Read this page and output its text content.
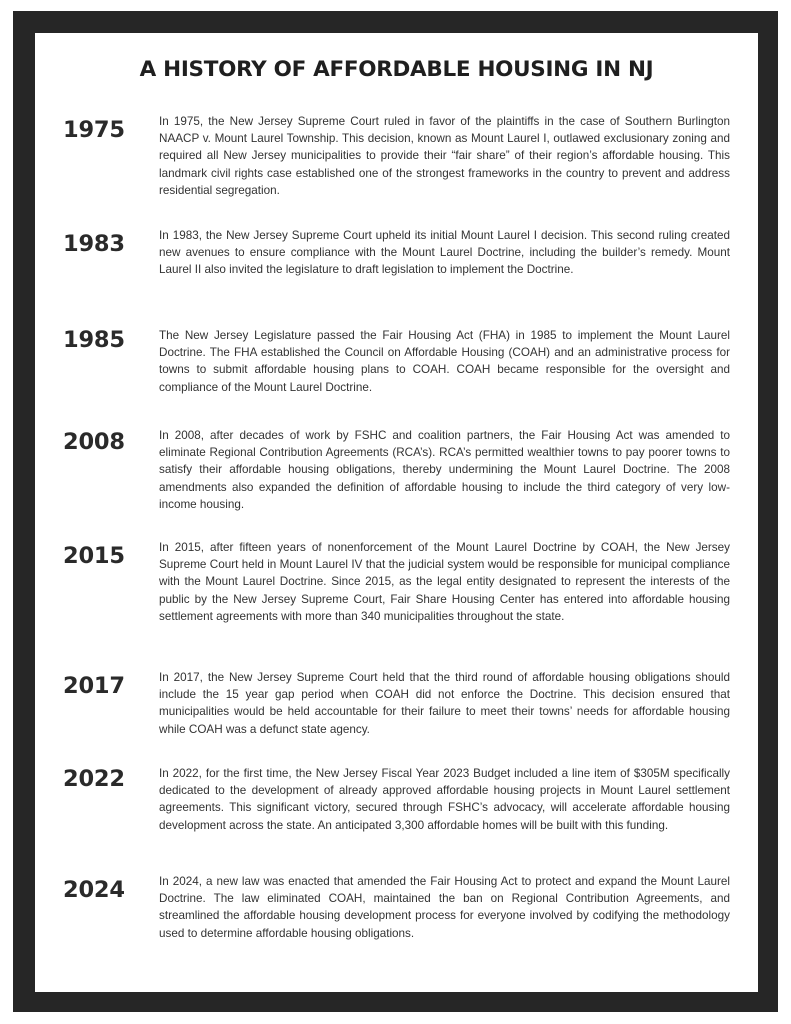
A HISTORY OF AFFORDABLE HOUSING IN NJ
1975	In 1975, the New Jersey Supreme Court ruled in favor of the plaintiffs in the case of Southern Burlington NAACP v. Mount Laurel Township. This decision, known as Mount Laurel I, outlawed exclusionary zoning and required all New Jersey municipalities to provide their “fair share” of their region’s affordable housing. This landmark civil rights case established one of the strongest frameworks in the country to prevent and address residential segregation.

1983	In 1983, the New Jersey Supreme Court upheld its initial Mount Laurel I decision. This second ruling created new avenues to ensure compliance with the Mount Laurel Doctrine, including the builder’s remedy. Mount Laurel II also invited the legislature to draft legislation to implement the Doctrine.

1985	The New Jersey Legislature passed the Fair Housing Act (FHA) in 1985 to implement the Mount Laurel Doctrine. The FHA established the Council on Affordable Housing (COAH) and an administrative process for towns to submit affordable housing plans to COAH. COAH became responsible for the oversight and compliance of the Mount Laurel Doctrine.

2008	In 2008, after decades of work by FSHC and coalition partners, the Fair Housing Act was amended to eliminate Regional Contribution Agreements (RCA’s). RCA’s permitted wealthier towns to pay poorer towns to satisfy their affordable housing obligations, thereby undermining the Mount Laurel Doctrine. The 2008 amendments also expanded the definition of affordable housing to include the third category of very low-income housing.

2015	In 2015, after fifteen years of nonenforcement of the Mount Laurel Doctrine by COAH, the New Jersey Supreme Court held in Mount Laurel IV that the judicial system would be responsible for municipal compliance with the Mount Laurel Doctrine. Since 2015, as the legal entity designated to represent the interests of the public by the New Jersey Supreme Court, Fair Share Housing Center has entered into affordable housing settlement agreements with more than 340 municipalities throughout the state.

2017	In 2017, the New Jersey Supreme Court held that the third round of affordable housing obligations should include the 15 year gap period when COAH did not enforce the Doctrine. This decision ensured that municipalities would be held accountable for their failure to meet their towns’ needs for affordable housing while COAH was a defunct state agency.

2022	In 2022, for the first time, the New Jersey Fiscal Year 2023 Budget included a line item of $305M specifically dedicated to the development of already approved affordable housing projects in Mount Laurel settlement agreements. This significant victory, secured through FSHC’s advocacy, will accelerate affordable housing development across the state. An anticipated 3,300 affordable homes will be built with this funding.

2024	In 2024, a new law was enacted that amended the Fair Housing Act to protect and expand the Mount Laurel Doctrine. The law eliminated COAH, maintained the ban on Regional Contribution Agreements, and streamlined the affordable housing development process for everyone involved by codifying the methodology used to determine affordable housing obligations.
